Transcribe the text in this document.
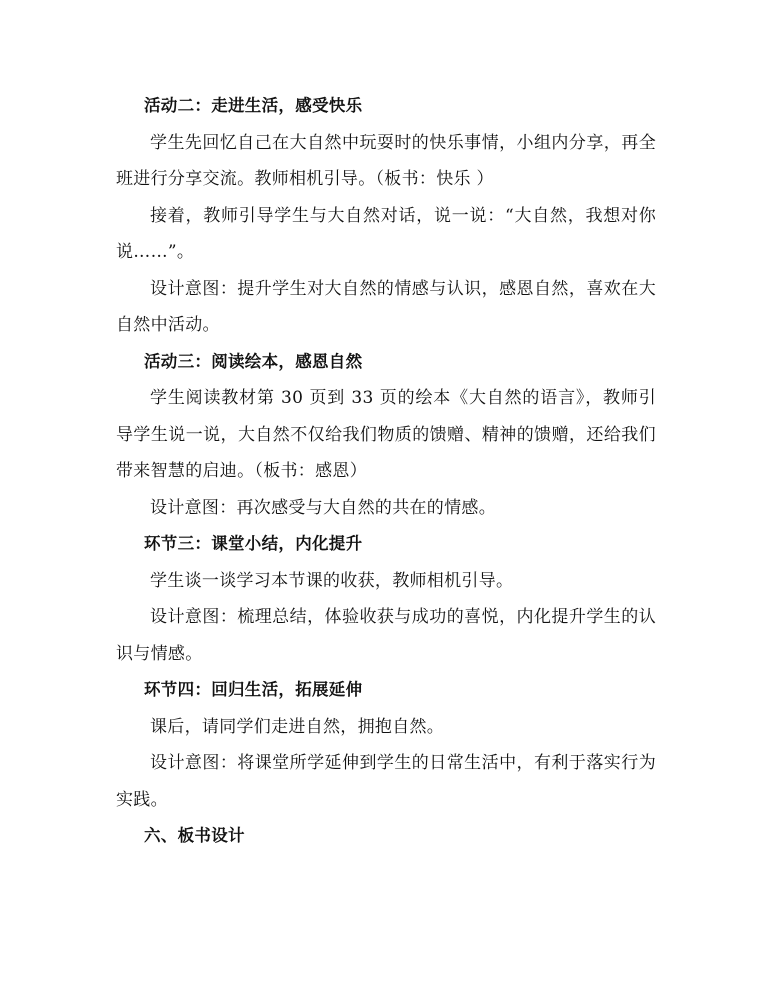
活动二：走进生活，感受快乐

学生先回忆自己在大自然中玩耍时的快乐事情，小组内分享，再全班进行分享交流。教师相机引导。（板书：快乐 ）

接着，教师引导学生与大自然对话，说一说：“大自然，我想对你说……”。

设计意图：提升学生对大自然的情感与认识，感恩自然，喜欢在大自然中活动。

活动三：阅读绘本，感恩自然

学生阅读教材第 30 页到 33 页的绘本《大自然的语言》，教师引导学生说一说，大自然不仅给我们物质的馈赠、精神的馈赠，还给我们带来智慧的启迪。（板书：感恩）

设计意图：再次感受与大自然的共在的情感。

环节三：课堂小结，内化提升

学生谈一谈学习本节课的收获，教师相机引导。

设计意图：梳理总结，体验收获与成功的喜悦，内化提升学生的认识与情感。

环节四：回归生活，拓展延伸

课后，请同学们走进自然，拥抱自然。

设计意图：将课堂所学延伸到学生的日常生活中，有利于落实行为实践。

六、板书设计
